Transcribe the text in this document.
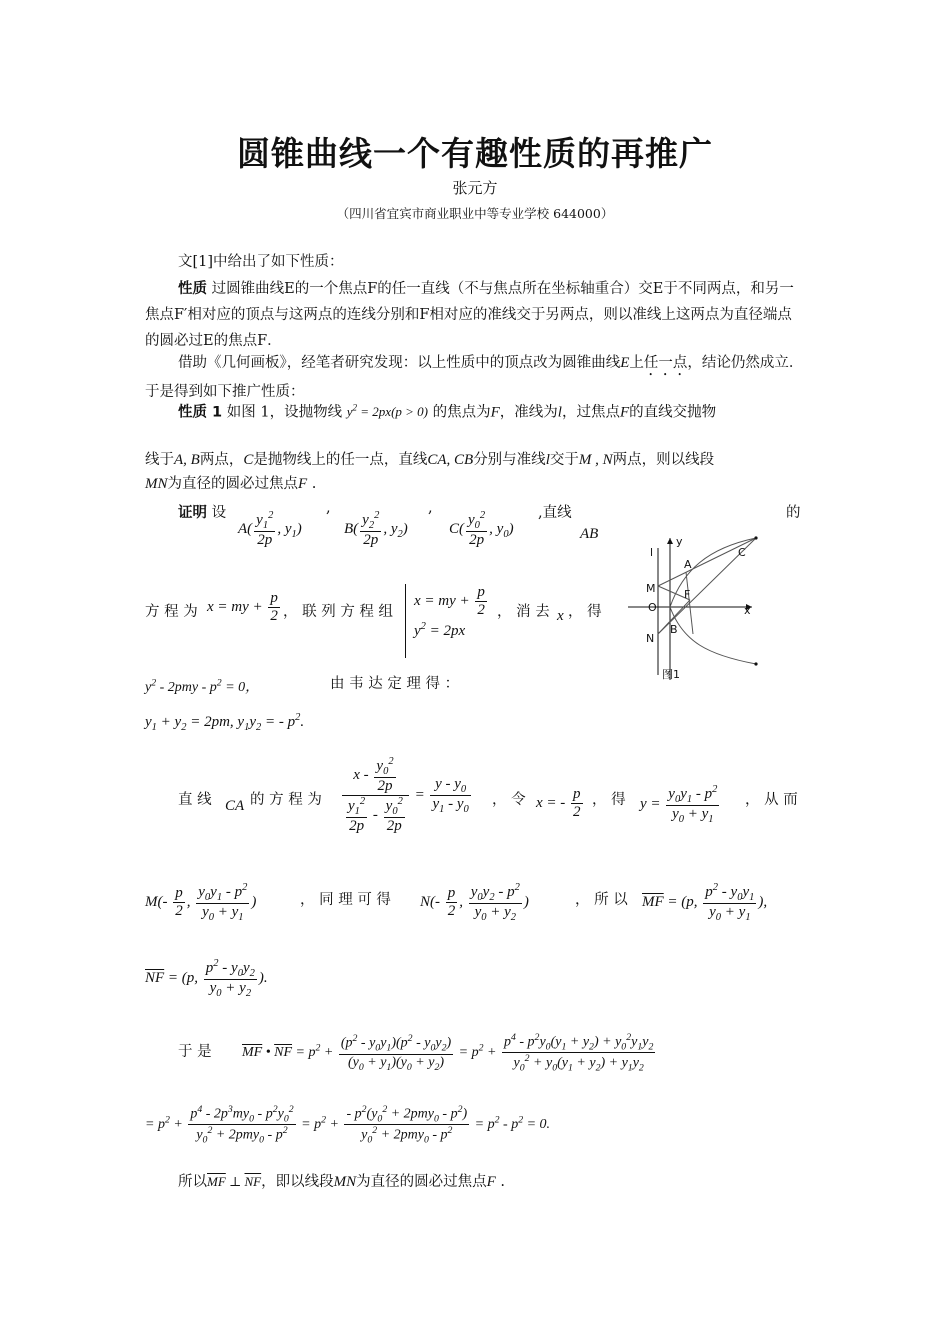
圆锥曲线一个有趣性质的再推广
张元方
（四川省宜宾市商业职业中等专业学校 644000）
文[1]中给出了如下性质：
性质 过圆锥曲线E的一个焦点F的任一直线（不与焦点所在坐标轴重合）交E于不同两点，和另一焦点F′相对应的顶点与这两点的连线分别和F相对应的准线交于另两点，则以准线上这两点为直径端点的圆必过E的焦点F．
借助《几何画板》，经笔者研究发现：以上性质中的顶点改为圆锥曲线E上任一点，结论仍然成立．于是得到如下推广性质：
性质 1 如图 1，设抛物线 $y^2 = 2px(p > 0)$ 的焦点为F，准线为l，过焦点F的直线交抛物
线于A, B两点，C是抛物线上的任一点，直线CA, CB分别与准线l交于M , N两点，则以线段
MN为直径的圆必过焦点F .
证明 设	,直线	的
,	,
$A( \frac{y_1^2}{2p}$ , $y_1$)	$B( \frac{y_2^2}{2p}$ , $y_2$)	$C( \frac{y_0^2}{2p}$ , $y_0$)	AB
方 程 为 x = my + $\frac{p}{2}$ ， 联 列 方 程 组
x = my + $\frac{p}{2}$
$y^2 = 2px$
， 消 去 x ， 得
y
l
A
C
M	F
O	x
B
N
图1
$y^2 - 2pmy - p^2 = 0$，	由 韦 达 定 理 得 ：
$y_1 + y_2 = 2pm$, $y_1y_2$ = - $p^2$.
直 线 CA 的 方 程 为 $\frac{x - \frac{y_0^2}{2p}}{\frac{y_1^2}{2p} - \frac{y_0^2}{2p}} = \frac{y - y_0}{y_1 - y_0}$ ， 令 x = - $\frac{p}{2}$ ， 得 $y = \frac{y_0y_1 - p^2}{y_0 + y_1}$ ， 从 而
$M(- \frac{p}{2}$ , $\frac{y_0y_1 - p^2}{y_0 + y_1}$ )	， 同 理 可 得 $N(- \frac{p}{2}$ , $\frac{y_0y_2 - p^2}{y_0 + y_2}$ )	， 所 以 $\overline{MF} = (p$, $\frac{p^2 - y_0y_1}{y_0 + y_1}$ ),
$\overline{NF} = (p$, $\frac{p^2 - y_0y_2}{y_0 + y_2}$ ).
于 是 $\overline{MF}$ • $\overline{NF} = p^2 + \frac{(p^2 - y_0y_1)(p^2 - y_0y_2)}{(y_0 + y_1)(y_0 + y_2)} = p^2 + \frac{p^4 - p^2y_0(y_1 + y_2) + y_0^2y_1y_2}{y_0^2 + y_0(y_1 + y_2) + y_1y_2}$
= $p^2 + \frac{p^4 - 2p^3my_0 - p^2y_0^2}{y_0^2 + 2pmy_0 - p^2} = p^2 + \frac{- p^2(y_0^2 + 2pmy_0 - p^2)}{y_0^2 + 2pmy_0 - p^2} = p^2 - p^2 = 0$.
所以$\overline{MF}$ ⊥ $\overline{NF}$，即以线段MN为直径的圆必过焦点F .
